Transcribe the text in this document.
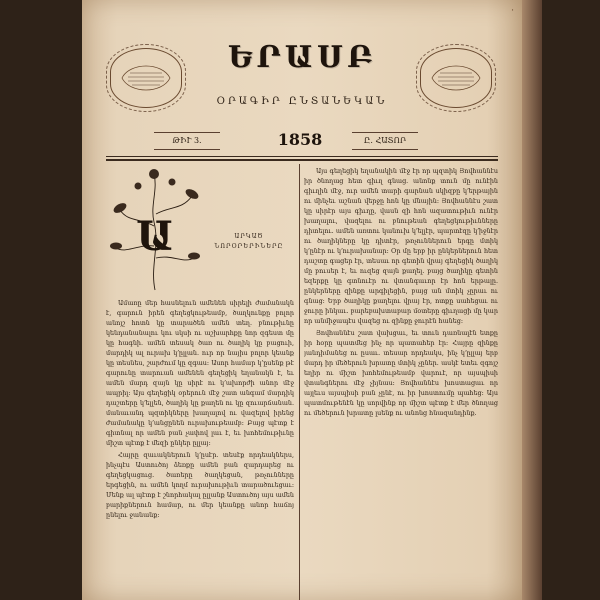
·
ԵՐԱՍԲ
ՕՐԱԳԻՐ ԸՆՏԱՆԵԿԱՆ
ԹԻՒ 3.	1858	Ը. ՀԱՏՈՐ
Ա	ԱՐԿԱԾ
ՆՈՐՕՐԵՐԻՆԵՐԸ

Ամառը մեր հասնելուն ամենեն սիրելի ժամանակն է, գարուն իրեն գեղեցկութեամբ, ծաղկունքը բոլոր անոյշ հոտն կը տարածեն ամեն տեղ. բնութիւնը կենդանանալու կու սկսի ու աշխարհքը նոր զգեստ մը կը հագնի. ամեն տեսակ ծառ ու ծաղիկ կը բացուի, մարդիկ ալ ուրախ կ՚ըլլան. ուր որ նայիս բոլոր կեանք կը տեսնես, շարժում կը զգաս: Ասոր համար կ՚ըսենք թէ գարունը տարուան ամենեն գեղեցիկ եղանակն է, եւ ամեն մարդ զայն կը սիրէ ու կ՚ախորժի անոր մէջ ապրիլ: Այս գեղեցիկ օրերուն մէջ շատ անգամ մարդիկ դաշտերը կ՚ելլեն, ծաղիկ կը քաղեն ու կը զուարճանան. մանաւանդ պզտիկները խաղալով ու վազելով իրենց ժամանակը կ՚անցընեն ուրախութեամբ: Բայց պէտք է գիտնալ որ ամեն բան չափով լաւ է, եւ խոհեմութիւնը միշտ պէտք է մեզի ընկեր ըլլայ:

Հայրը զաւակներուն կ՚ըսէր. տեսէք որդեակներս, ինչպէս Աստուծոյ ձեռքը ամեն բան զարդարեց ու գեղեցկացուց. ծառերը ծաղկեցան, թռչունները երգեցին, ու ամեն կողմ ուրախութիւն տարածուեցաւ: Մենք ալ պէտք է շնորհակալ ըլլանք Աստուծոյ այս ամեն բարիքներուն համար, ու մեր կեանքը անոր հաճոյ ընելու ջանանք:

Այս գեղեցիկ եղանակին մէջ էր որ պզտիկ Յովհաննէս իր ծնողաց հետ գիւղ գնաց. անոնք տուն մը ունէին գիւղին մէջ, ուր ամեն տարի գարնան սկիզբը կ՚երթային ու մինչեւ աշնան վերջը հոն կը մնային: Յովհաննէս շատ կը սիրէր այս գիւղը, վասն զի հոն ազատութիւն ունէր խաղալու, վազելու ու բնութեան գեղեցկութիւնները դիտելու. ամեն առտու կանուխ կ՚ելլէր, պարտէզը կ՚իջնէր ու ծաղիկները կը դիտէր, թռչուններուն երգը մտիկ կ՚ընէր ու կ՚ուրախանար: Օր մը երբ իր ընկերներուն հետ դաշտը գացեր էր, տեսաւ որ գետին վրայ գեղեցիկ ծաղիկ մը բուսեր է, եւ ուզեց զայն քաղել. բայց ծաղիկը գետին եզերքը կը գտնուէր ու վտանգաւոր էր հոն երթալը. ընկերները զինքը արգիլեցին, բայց ան մտիկ չըրաւ ու գնաց: Երբ ծաղիկը քաղելու վրայ էր, ոտքը սահեցաւ ու ջուրը ինկաւ. բարեբախտաբար մօտերը գիւղացի մը կար որ անմիջապէս վազեց ու զինքը ջուրէն հանեց:

Յովհաննէս շատ վախցաւ, եւ տուն դառնալէն ետքը իր հօրը պատմեց ինչ որ պատահեր էր: Հայրը զինքը յանդիմանեց ու ըսաւ. տեսար որդեակս, ինչ կ՚ըլլայ երբ մարդ իր մեծերուն խրատը մտիկ չըներ. ասկէ ետեւ զգոյշ եղիր ու միշտ խոհեմութեամբ վարուէ, որ այսպիսի վտանգներու մէջ չիյնաս: Յովհաննէս խոստացաւ որ այլեւս այսպիսի բան չընէ, ու իր խոստումը պահեց: Այս պատմութենէն կը սորվինք որ միշտ պէտք է մեր ծնողաց ու մեծերուն խրատը լսենք ու անոնց հնազանդինք.
